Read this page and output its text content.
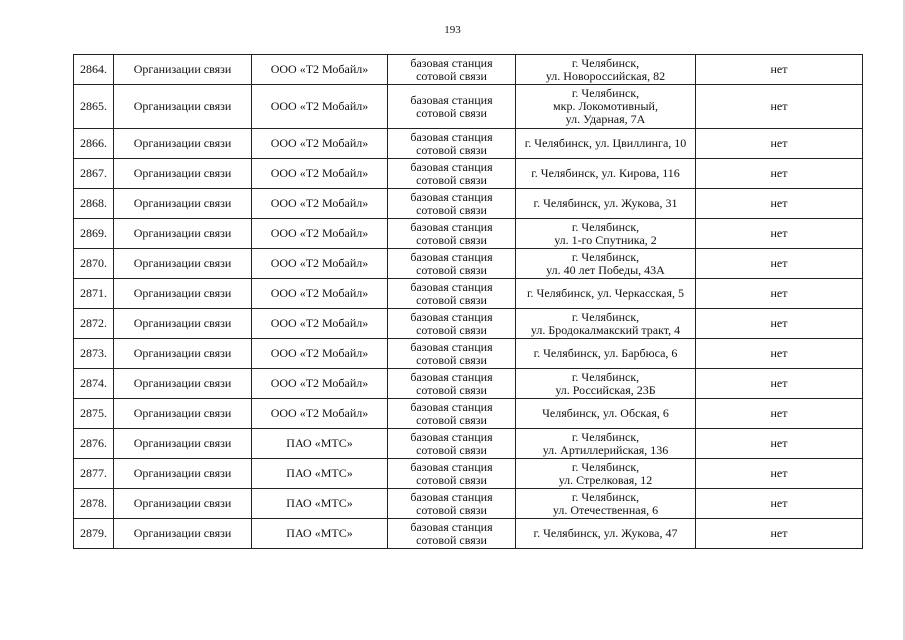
193
2864.	Организации связи	ООО «Т2 Мобайл»	базовая станция
сотовой связи	г. Челябинск,
ул. Новороссийская, 82	нет
2865.	Организации связи	ООО «Т2 Мобайл»	базовая станция
сотовой связи	г. Челябинск,
мкр. Локомотивный,
ул. Ударная, 7А	нет
2866.	Организации связи	ООО «Т2 Мобайл»	базовая станция
сотовой связи	г. Челябинск, ул. Цвиллинга, 10	нет
2867.	Организации связи	ООО «Т2 Мобайл»	базовая станция
сотовой связи	г. Челябинск, ул. Кирова, 116	нет
2868.	Организации связи	ООО «Т2 Мобайл»	базовая станция
сотовой связи	г. Челябинск, ул. Жукова, 31	нет
2869.	Организации связи	ООО «Т2 Мобайл»	базовая станция
сотовой связи	г. Челябинск,
ул. 1-го Спутника, 2	нет
2870.	Организации связи	ООО «Т2 Мобайл»	базовая станция
сотовой связи	г. Челябинск,
ул. 40 лет Победы, 43А	нет
2871.	Организации связи	ООО «Т2 Мобайл»	базовая станция
сотовой связи	г. Челябинск, ул. Черкасская, 5	нет
2872.	Организации связи	ООО «Т2 Мобайл»	базовая станция
сотовой связи	г. Челябинск,
ул. Бродокалмакский тракт, 4	нет
2873.	Организации связи	ООО «Т2 Мобайл»	базовая станция
сотовой связи	г. Челябинск, ул. Барбюса, 6	нет
2874.	Организации связи	ООО «Т2 Мобайл»	базовая станция
сотовой связи	г. Челябинск,
ул. Российская, 23Б	нет
2875.	Организации связи	ООО «Т2 Мобайл»	базовая станция
сотовой связи	Челябинск, ул. Обская, 6	нет
2876.	Организации связи	ПАО «МТС»	базовая станция
сотовой связи	г. Челябинск,
ул. Артиллерийская, 136	нет
2877.	Организации связи	ПАО «МТС»	базовая станция
сотовой связи	г. Челябинск,
ул. Стрелковая, 12	нет
2878.	Организации связи	ПАО «МТС»	базовая станция
сотовой связи	г. Челябинск,
ул. Отечественная, 6	нет
2879.	Организации связи	ПАО «МТС»	базовая станция
сотовой связи	г. Челябинск, ул. Жукова, 47	нет
